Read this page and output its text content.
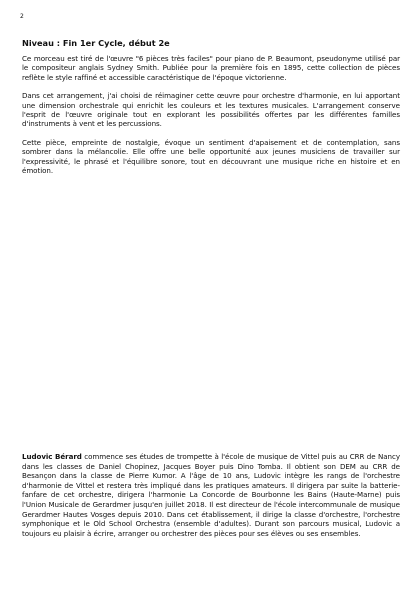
2

Niveau : Fin 1er Cycle, début 2e

Ce morceau est tiré de l'œuvre "6 pièces très faciles" pour piano de P. Beaumont, pseudonyme utilisé par le compositeur anglais Sydney Smith. Publiée pour la première fois en 1895, cette collection de pièces reflète le style raffiné et accessible caractéristique de l'époque victorienne.

Dans cet arrangement, j'ai choisi de réimaginer cette œuvre pour orchestre d'harmonie, en lui apportant une dimension orchestrale qui enrichit les couleurs et les textures musicales. L'arrangement conserve l'esprit de l'œuvre originale tout en explorant les possibilités offertes par les différentes familles d'instruments à vent et les percussions.

Cette pièce, empreinte de nostalgie, évoque un sentiment d'apaisement et de contemplation, sans sombrer dans la mélancolie. Elle offre une belle opportunité aux jeunes musiciens de travailler sur l'expressivité, le phrasé et l'équilibre sonore, tout en découvrant une musique riche en histoire et en émotion.

Ludovic Bérard commence ses études de trompette à l'école de musique de Vittel puis au CRR de Nancy dans les classes de Daniel Chopinez, Jacques Boyer puis Dino Tomba. Il obtient son DEM au CRR de Besançon dans la classe de Pierre Kumor. A l'âge de 10 ans, Ludovic intègre les rangs de l'orchestre d'harmonie de Vittel et restera très impliqué dans les pratiques amateurs. Il dirigera par suite la batterie-fanfare de cet orchestre, dirigera l'harmonie La Concorde de Bourbonne les Bains (Haute-Marne) puis l'Union Musicale de Gerardmer jusqu'en juillet 2018. Il est directeur de l'école intercommunale de musique Gerardmer Hautes Vosges depuis 2010. Dans cet établissement, il dirige la classe d'orchestre, l'orchestre symphonique et le Old School Orchestra (ensemble d'adultes). Durant son parcours musical, Ludovic a toujours eu plaisir à écrire, arranger ou orchestrer des pièces pour ses élèves ou ses ensembles.
